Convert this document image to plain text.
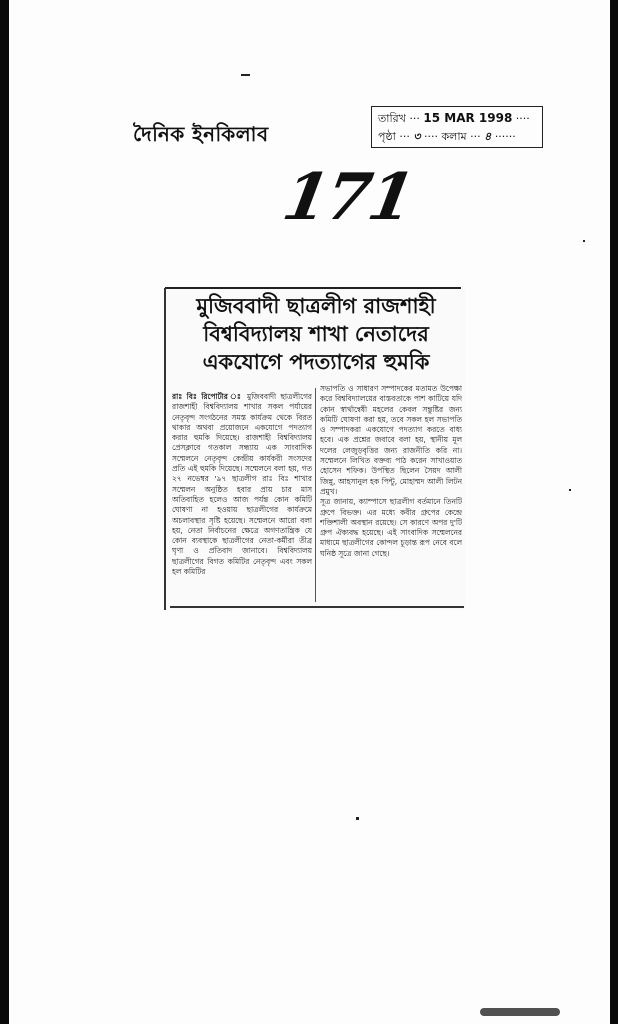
দৈনিক ইনকিলাব
তারিখ ··· 15 MAR 1998 ····
পৃষ্ঠা ··· ৩ ···· কলাম ··· ৪ ······
171
মুজিববাদী ছাত্রলীগ রাজশাহী
বিশ্ববিদ্যালয় শাখা নেতাদের
একযোগে পদত্যাগের হুমকি

রাঃ বিঃ রিপোর্টার ঃ মুজিববাদী ছাত্রলীগের রাজশাহী বিশ্ববিদ্যালয় শাখার সকল পর্যায়ের নেতৃবৃন্দ সংগঠনের সমস্ত কার্যক্রম থেকে বিরত থাকার অথবা প্রয়োজনে একযোগে পদত্যাগ করার হুমকি দিয়েছে। রাজশাহী বিশ্ববিদ্যালয় প্রেসক্লাবে গতকাল সন্ধ্যায় এক সাংবাদিক সম্মেলনে নেতৃবৃন্দ কেন্দ্রীয় কার্যকরী সংসদের প্রতি এই হুমকি দিয়েছে। সম্মেলনে বলা হয়, গত ২৭ নভেম্বর '৯৭ ছাত্রলীগ রাঃ বিঃ শাখার সম্মেলন অনুষ্ঠিত হবার প্রায় চার মাস অতিবাহিত হলেও আজ পর্যন্ত কোন কমিটি ঘোষণা না হওয়ায় ছাত্রলীগের কার্যক্রমে অচলাবস্থার সৃষ্টি হয়েছে। সম্মেলনে আরো বলা হয়, নেতা নির্বাচনের ক্ষেত্রে অগণতান্ত্রিক যে কোন ব্যবস্থাকে ছাত্রলীগের নেতা-কর্মীরা তীব্র ঘৃণা ও প্রতিবাদ জানাবে। বিশ্ববিদ্যালয় ছাত্রলীগের বিগত কমিটির নেতৃবৃন্দ এবং সকল হল কমিটির

সভাপতি ও সাধারণ সম্পাদকের মতামত উপেক্ষা করে বিশ্ববিদ্যালয়ের বাস্তবতাকে পাশ কাটিয়ে যদি কোন স্বার্থান্বেষী মহলের কেবল সন্তুষ্টির জন্য কমিটি ঘোষণা করা হয়, তবে সকল হল সভাপতি ও সম্পাদকরা একযোগে পদত্যাগ করতে বাধ্য হবে। এক প্রশ্নের জবাবে বলা হয়, স্থানীয় মূল দলের লেজুড়বৃত্তির জন্য রাজনীতি করি না। সম্মেলনে লিখিত বক্তব্য পাঠ করেন সাখাওয়াত হোসেন শফিক। উপস্থিত ছিলেন সৈয়দ আলী জিন্নু, আহসানুল হক পিন্টু, মোহাম্মদ আলী লিটন প্রমুখ।

সূত্র জানায়, ক্যাম্পাসে ছাত্রলীগ বর্তমানে তিনটি গ্রুপে বিভক্ত। এর মধ্যে কবীর গ্রুপের কেন্দ্রে শক্তিশালী অবস্থান রয়েছে। সে কারণে অপর দু'টি গ্রুপ ঐক্যবদ্ধ হয়েছে। এই সাংবাদিক সম্মেলনের মাধ্যমে ছাত্রলীগের কোন্দল চূড়ান্ত রূপ নেবে বলে ঘনিষ্ঠ সূত্রে জানা গেছে।
